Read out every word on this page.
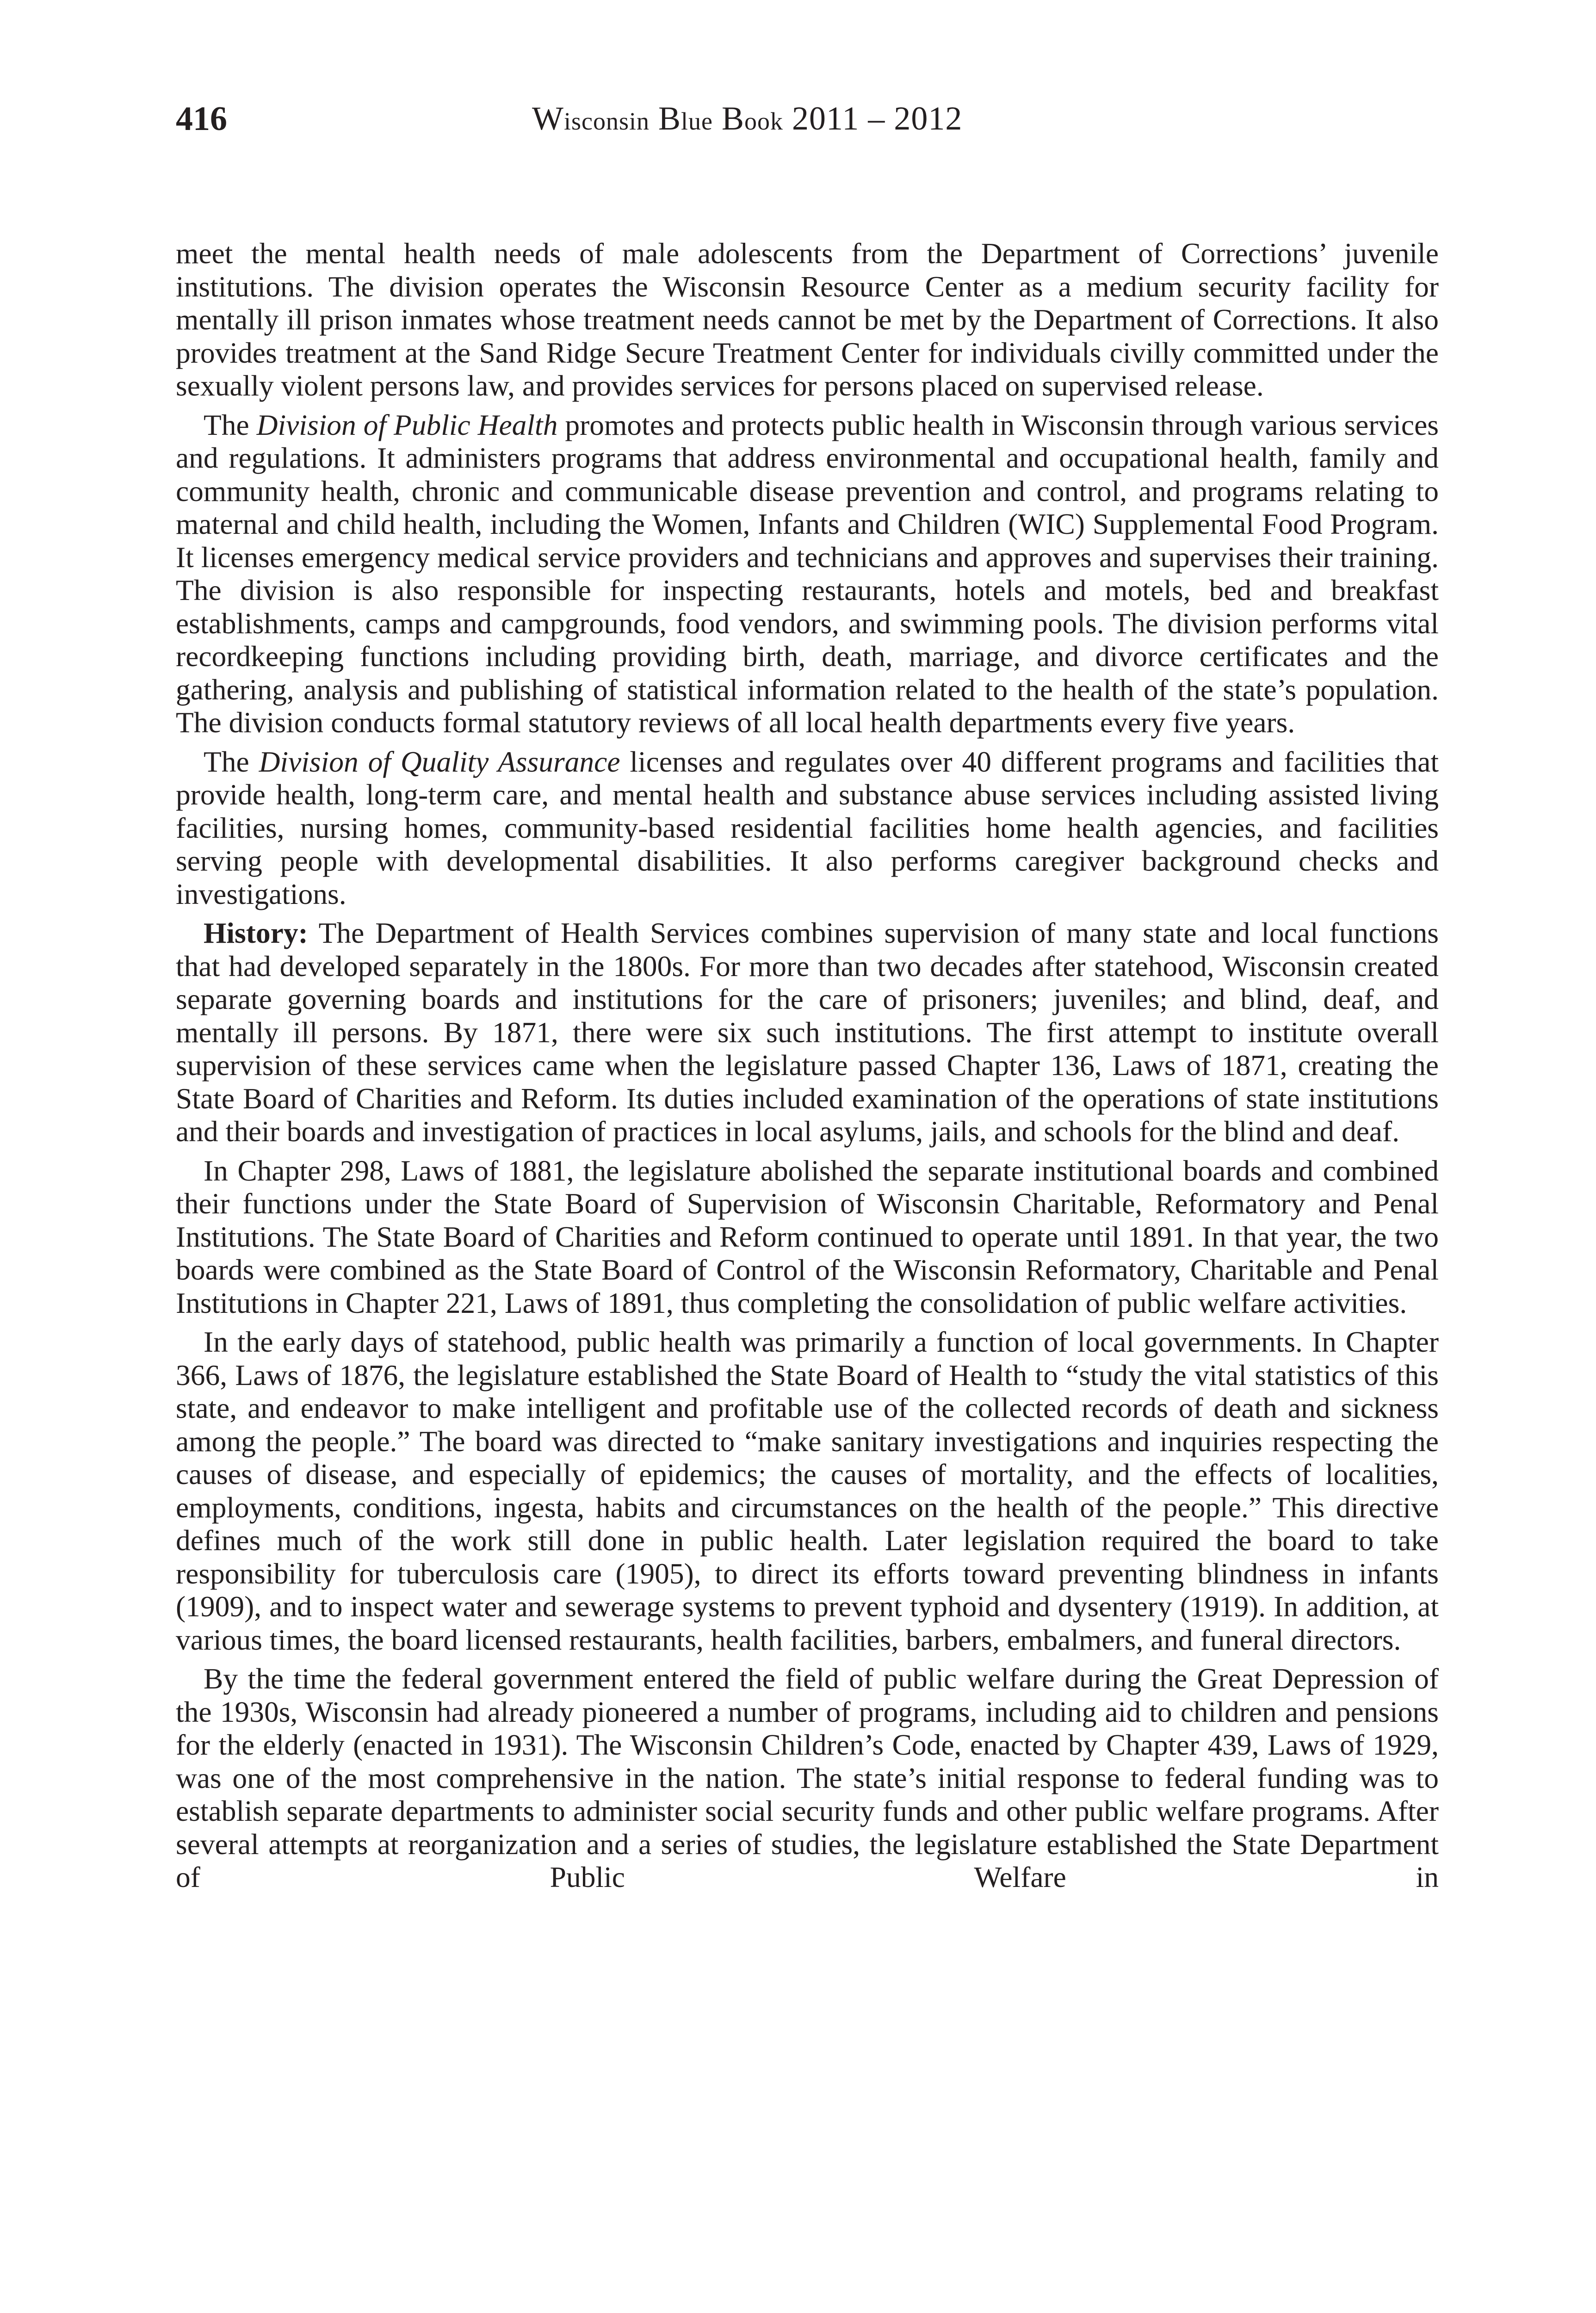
416	Wisconsin Blue Book 2011 – 2012

meet the mental health needs of male adolescents from the Department of Corrections’ juvenile institutions. The division operates the Wisconsin Resource Center as a medium security facility for mentally ill prison inmates whose treatment needs cannot be met by the Department of Corrections. It also provides treatment at the Sand Ridge Secure Treatment Center for individuals civilly committed under the sexually violent persons law, and provides services for persons placed on supervised release.

The Division of Public Health promotes and protects public health in Wisconsin through various services and regulations. It administers programs that address environmental and occupational health, family and community health, chronic and communicable disease prevention and control, and programs relating to maternal and child health, including the Women, Infants and Children (WIC) Supplemental Food Program. It licenses emergency medical service providers and technicians and approves and supervises their training. The division is also responsible for inspecting restaurants, hotels and motels, bed and breakfast establishments, camps and campgrounds, food vendors, and swimming pools. The division performs vital recordkeeping functions including providing birth, death, marriage, and divorce certificates and the gathering, analysis and publishing of statistical information related to the health of the state’s population. The division conducts formal statutory reviews of all local health departments every five years.

The Division of Quality Assurance licenses and regulates over 40 different programs and facilities that provide health, long-term care, and mental health and substance abuse services including assisted living facilities, nursing homes, community-based residential facilities home health agencies, and facilities serving people with developmental disabilities. It also performs caregiver background checks and investigations.

History: The Department of Health Services combines supervision of many state and local functions that had developed separately in the 1800s. For more than two decades after statehood, Wisconsin created separate governing boards and institutions for the care of prisoners; juveniles; and blind, deaf, and mentally ill persons. By 1871, there were six such institutions. The first attempt to institute overall supervision of these services came when the legislature passed Chapter 136, Laws of 1871, creating the State Board of Charities and Reform. Its duties included examination of the operations of state institutions and their boards and investigation of practices in local asylums, jails, and schools for the blind and deaf.

In Chapter 298, Laws of 1881, the legislature abolished the separate institutional boards and combined their functions under the State Board of Supervision of Wisconsin Charitable, Reformatory and Penal Institutions. The State Board of Charities and Reform continued to operate until 1891. In that year, the two boards were combined as the State Board of Control of the Wisconsin Reformatory, Charitable and Penal Institutions in Chapter 221, Laws of 1891, thus completing the consolidation of public welfare activities.

In the early days of statehood, public health was primarily a function of local governments. In Chapter 366, Laws of 1876, the legislature established the State Board of Health to “study the vital statistics of this state, and endeavor to make intelligent and profitable use of the collected records of death and sickness among the people.” The board was directed to “make sanitary investigations and inquiries respecting the causes of disease, and especially of epidemics; the causes of mortality, and the effects of localities, employments, conditions, ingesta, habits and circumstances on the health of the people.” This directive defines much of the work still done in public health. Later legislation required the board to take responsibility for tuberculosis care (1905), to direct its efforts toward preventing blindness in infants (1909), and to inspect water and sewerage systems to prevent typhoid and dysentery (1919). In addition, at various times, the board licensed restaurants, health facilities, barbers, embalmers, and funeral directors.

By the time the federal government entered the field of public welfare during the Great Depression of the 1930s, Wisconsin had already pioneered a number of programs, including aid to children and pensions for the elderly (enacted in 1931). The Wisconsin Children’s Code, enacted by Chapter 439, Laws of 1929, was one of the most comprehensive in the nation. The state’s initial response to federal funding was to establish separate departments to administer social security funds and other public welfare programs. After several attempts at reorganization and a series of studies, the legislature established the State Department of Public Welfare in
